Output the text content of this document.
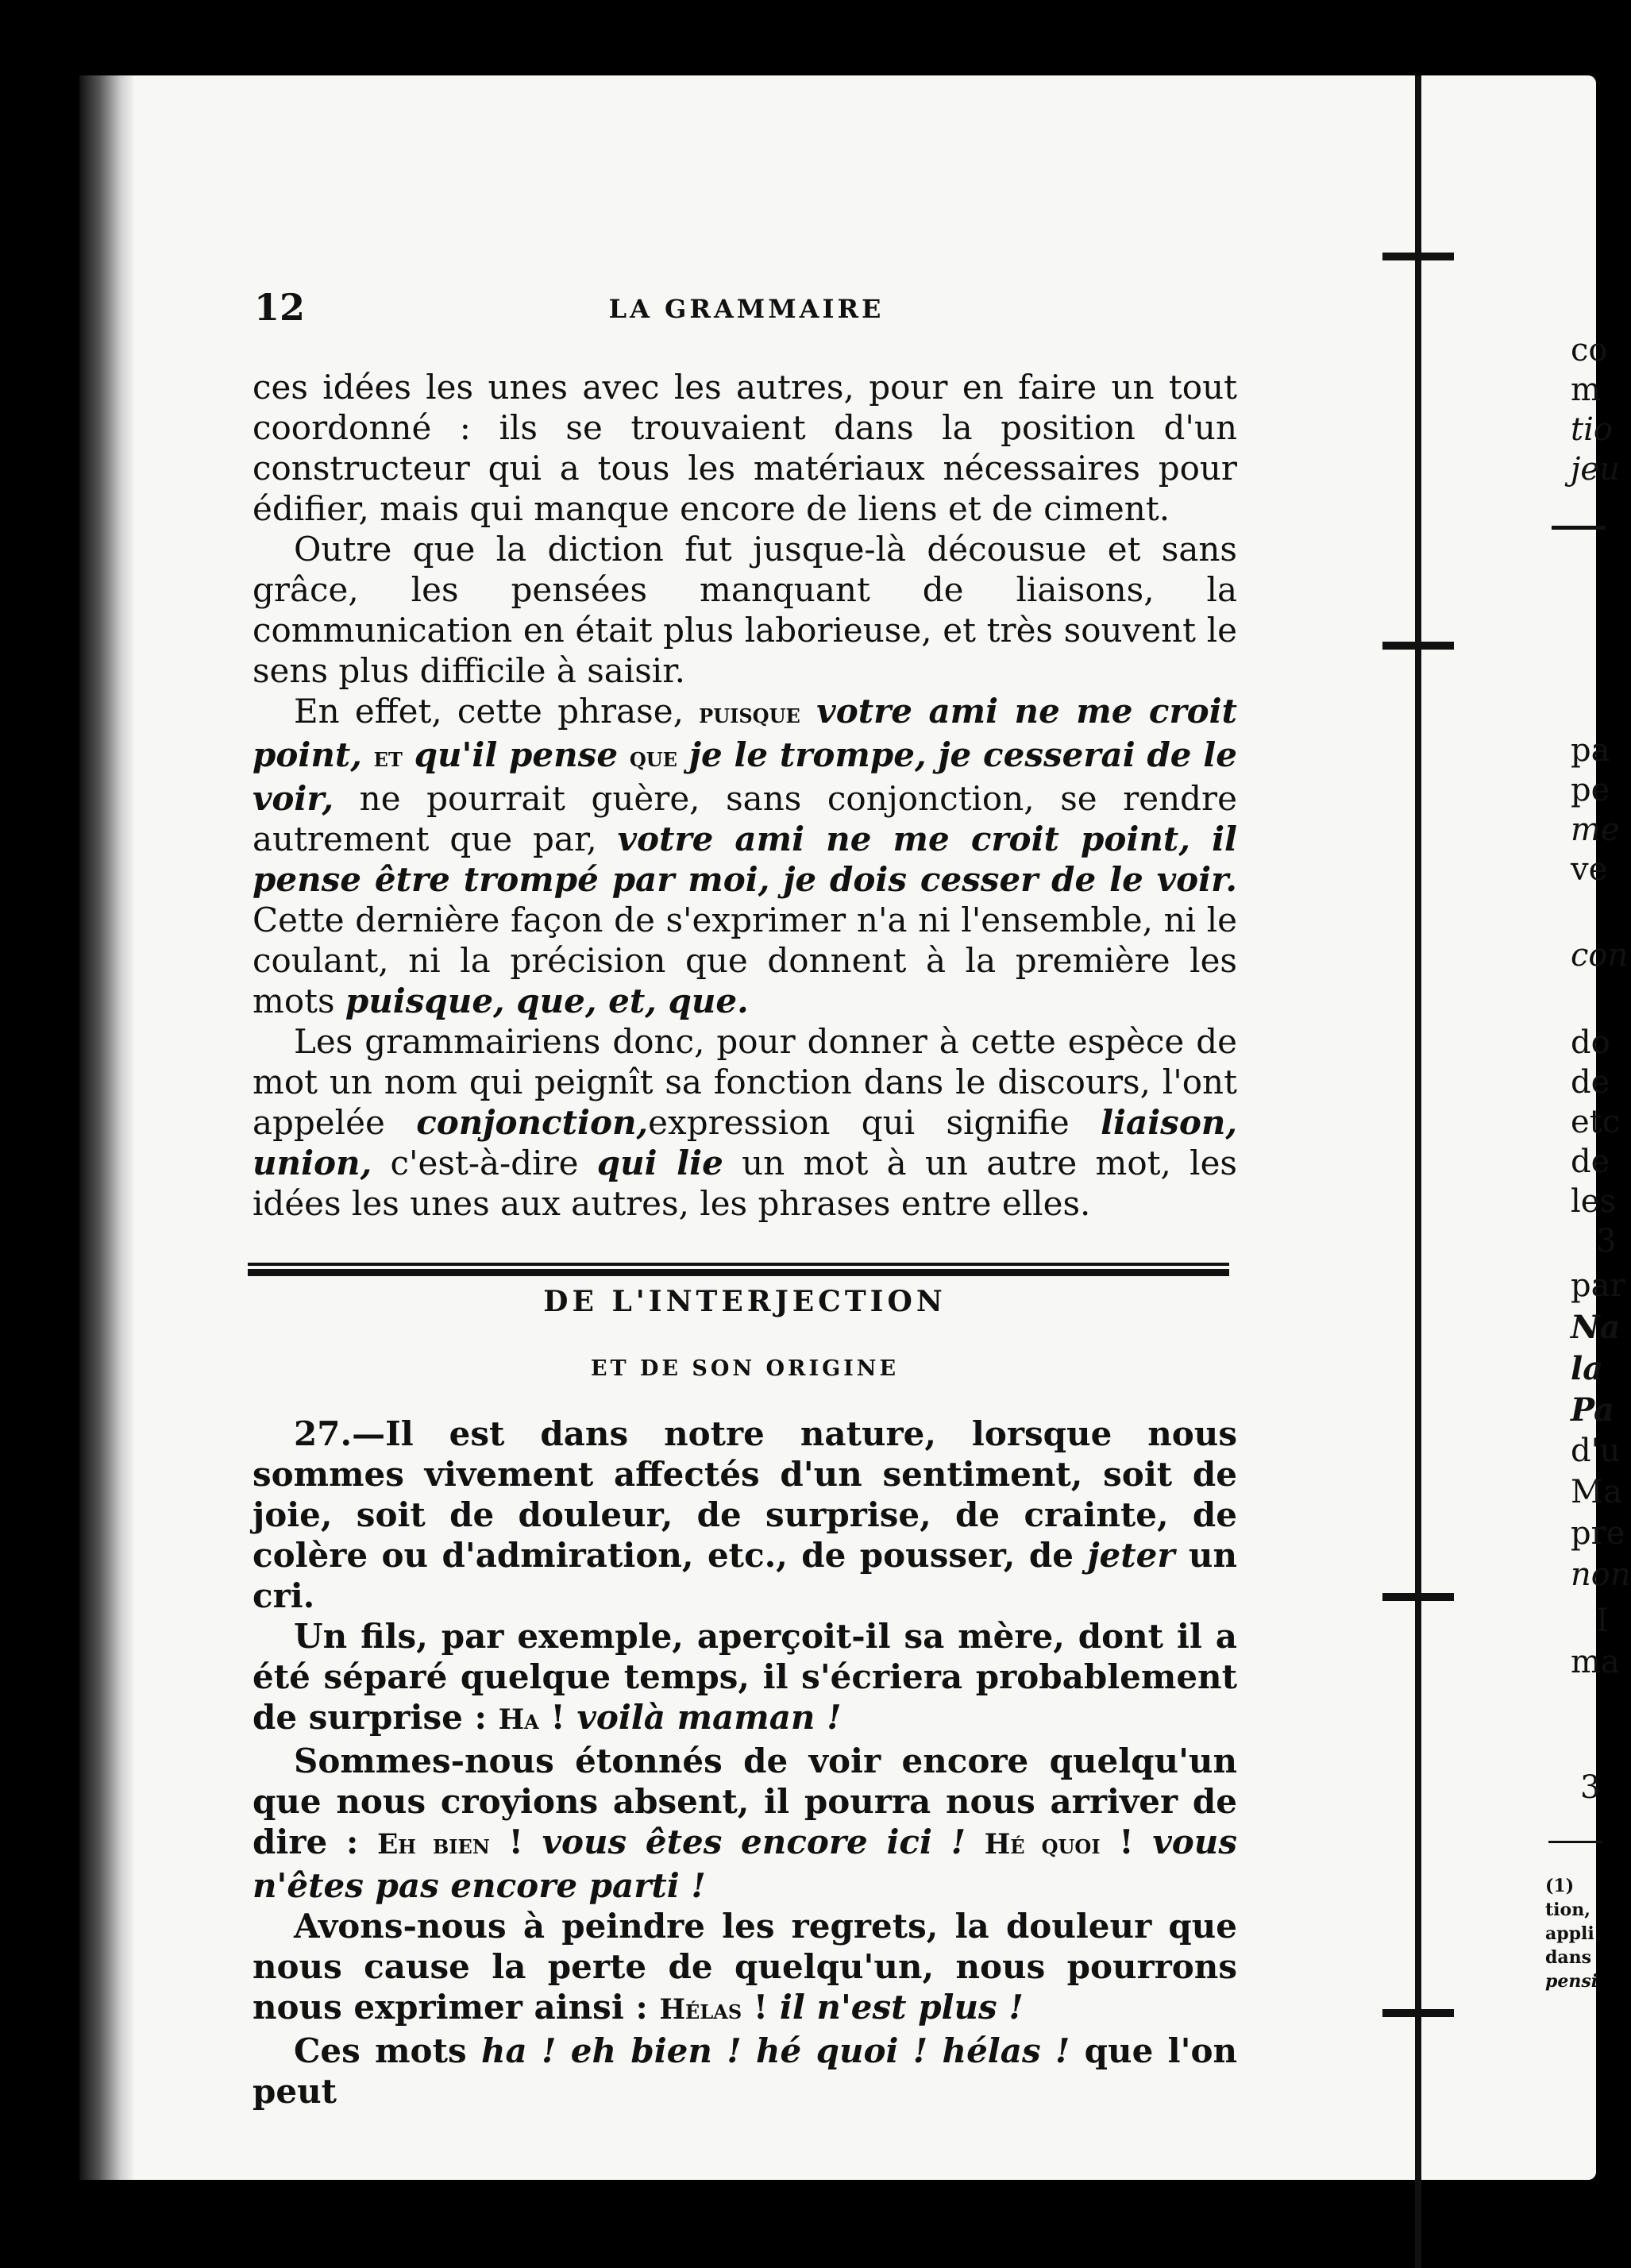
12	LA GRAMMAIRE

ces idées les unes avec les autres, pour en faire un tout coordonné : ils se trouvaient dans la position d'un constructeur qui a tous les matériaux nécessaires pour édifier, mais qui manque encore de liens et de ciment.

Outre que la diction fut jusque-là décousue et sans grâce, les pensées manquant de liaisons, la communication en était plus laborieuse, et très souvent le sens plus difficile à saisir.

En effet, cette phrase, puisque votre ami ne me croit point, et qu'il pense que je le trompe, je cesserai de le voir, ne pourrait guère, sans conjonction, se rendre autrement que par, votre ami ne me croit point, il pense être trompé par moi, je dois cesser de le voir. Cette dernière façon de s'exprimer n'a ni l'ensemble, ni le coulant, ni la précision que donnent à la première les mots puisque, que, et, que.

Les grammairiens donc, pour donner à cette espèce de mot un nom qui peignît sa fonction dans le discours, l'ont appelée conjonction,expression qui signifie liaison, union, c'est-à-dire qui lie un mot à un autre mot, les idées les unes aux autres, les phrases entre elles.

DE L'INTERJECTION
ET DE SON ORIGINE

27.—Il est dans notre nature, lorsque nous sommes vivement affectés d'un sentiment, soit de joie, soit de douleur, de surprise, de crainte, de colère ou d'admiration, etc., de pousser, de jeter un cri.

Un fils, par exemple, aperçoit-il sa mère, dont il a été séparé quelque temps, il s'écriera probablement de surprise : Ha ! voilà maman !

Sommes-nous étonnés de voir encore quelqu'un que nous croyions absent, il pourra nous arriver de dire : Eh bien ! vous êtes encore ici ! Hé quoi ! vous n'êtes pas encore parti !

Avons-nous à peindre les regrets, la douleur que nous cause la perte de quelqu'un, nous pourrons nous exprimer ainsi : Hélas ! il n'est plus !

Ces mots ha ! eh bien ! hé quoi ! hélas ! que l'on peut

co
m
tio
jeu
pa
pe
me
ve
con
do
de
etc
de
les
3
par
Na
la
Pa
d'u
Ma
pre
non
I
ma
3
(1)
tion,
appli
dans
pensi
